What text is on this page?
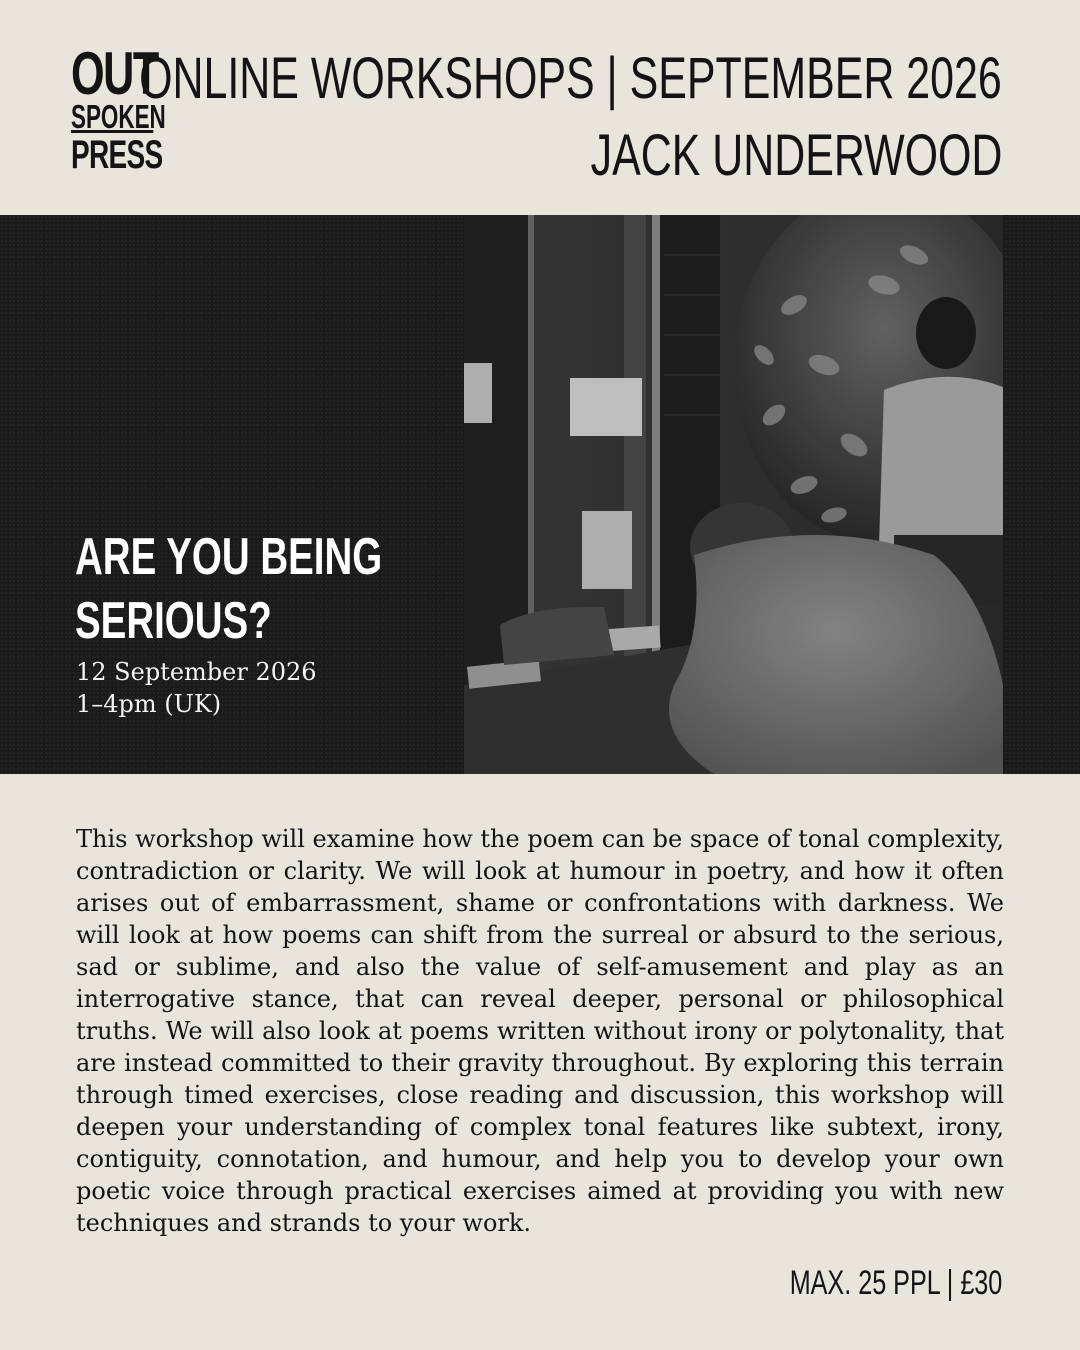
OUT
SPOKEN
PRESS
ONLINE WORKSHOPS | SEPTEMBER 2026
JACK UNDERWOOD
ARE YOU BEING
SERIOUS?
12 September 2026
1–4pm (UK)
This workshop will examine how the poem can be space of tonal complexity, contradiction or clarity. We will look at humour in poetry, and how it often arises out of embarrassment, shame or confrontations with darkness. We will look at how poems can shift from the surreal or absurd to the serious, sad or sublime, and also the value of self-amusement and play as an interrogative stance, that can reveal deeper, personal or philosophical truths. We will also look at poems written without irony or polytonality, that are instead committed to their gravity throughout. By exploring this terrain through timed exercises, close reading and discussion, this workshop will deepen your understanding of complex tonal features like subtext, irony, contiguity, connotation, and humour, and help you to develop your own poetic voice through practical exercises aimed at providing you with new techniques and strands to your work.
MAX. 25 PPL | £30
